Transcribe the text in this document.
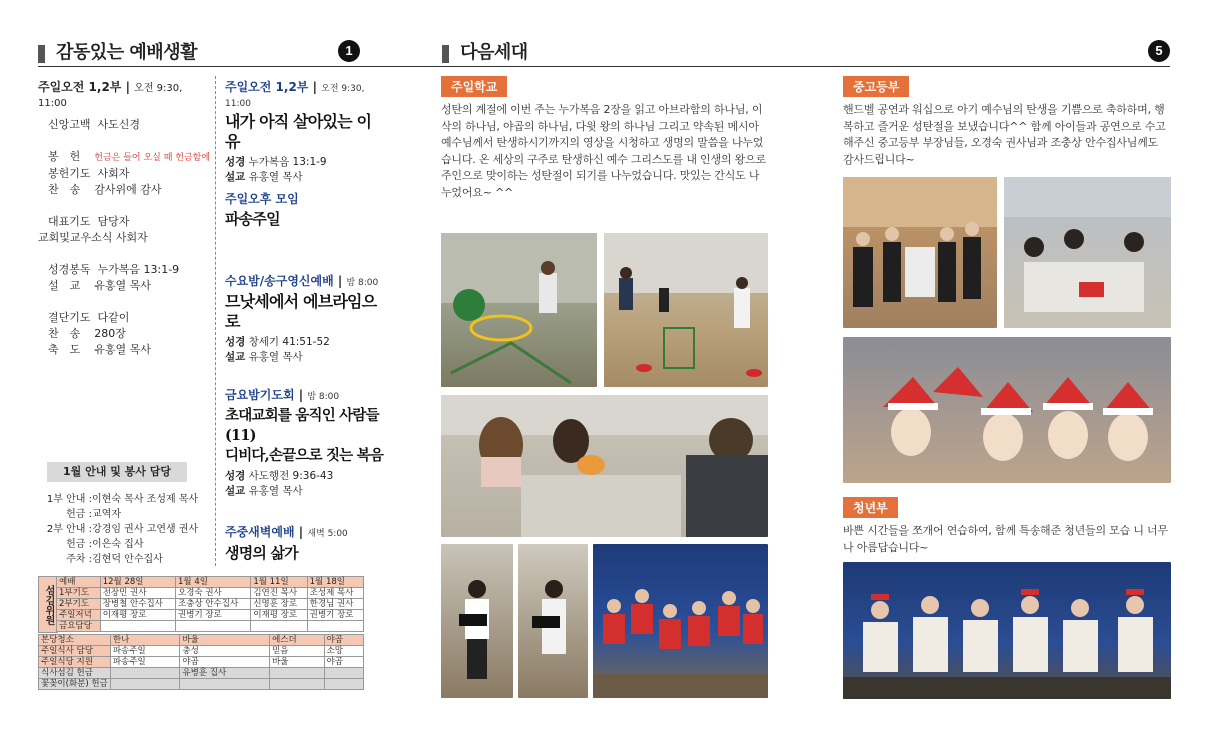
감동있는 예배생활	1
주일오전 1,2부 | 오전 9:30, 11:00
신앙고백 사도신경
봉　헌 헌금은 들어 오실 때 헌금함에
봉헌기도 사회자
찬　송 감사위에 감사
대표기도 담당자
교회및교우소식 사회자
성경봉독 누가복음 13:1-9
설　교 유홍열 목사
결단기도 다같이
찬　송 280장
축　도 유홍열 목사
주일오전 1,2부 | 오전 9:30, 11:00
내가 아직 살아있는 이유
성경 누가복음 13:1-9
설교 유홍열 목사
주일오후 모임
파송주일
수요밤/송구영신예배 | 밤 8:00
므낫세에서 에브라임으로
성경 창세기 41:51-52
설교 유홍열 목사
금요밤기도회 | 밤 8:00
초대교회를 움직인 사람들(11)
디비다,손끝으로 짓는 복음
성경 사도행전 9:36-43
설교 유홍열 목사
주중새벽예배 | 새벽 5:00
생명의 삶가
1월 안내 및 봉사 담당
1부 안내 : 이현숙 목사 조성제 목사
헌금 : 교역자
2부 안내 : 강경임 권사 고연생 권사
헌금 : 이은숙 집사
주차 : 김현덕 안수집사
섬김위원
예배	12월 28일	1월 4일	1월 11일	1월 18일
1부기도	전장민 권사	오경숙 권사	김연진 목사	조성제 목사
2부기도	장병철 안수집사	조충상 안수집사	신명훈 장로	한경님 권사
주일저녁	이재평 장로	권병기 장로	이재평 장로	권병기 장로
금요담당				
본당청소	한나	바울	에스더	야곱
주일식사 담당	파송주일	충성	믿음	소망
주일식당 지원	파송주일	야곱	바울	야곱
식사섬김 헌금		유병훈 집사		
꽃꽂이(화분) 헌금				
다음세대	5
주일학교
성탄의 계절에 이번 주는 누가복음 2장을 읽고 아브라함의 하나님, 이삭의 하나님, 야곱의 하나님, 다윗 왕의 하나님 그리고 약속된 메시아 예수님께서 탄생하시기까지의 영상을 시청하고 생명의 말씀을 나누었습니다. 온 세상의 구주로 탄생하신 예수 그리스도를 내 인생의 왕으로 주인으로 맞이하는 성탄절이 되기를 나누었습니다. 맛있는 간식도 나누었어요~ ^^
중고등부
핸드벨 공연과 워십으로 아기 예수님의 탄생을 기쁨으로 축하하며, 행복하고 즐거운 성탄절을 보냈습니다^^ 함께 아이들과 공연으로 수고해주신 중고등부 부장님들, 오경숙 권사님과 조충상 안수집사님께도 감사드립니다~
청년부
바쁜 시간들을 쪼개어 연습하여, 함께 특송해준 청년들의 모습 니 너무나 아름답습니다~
